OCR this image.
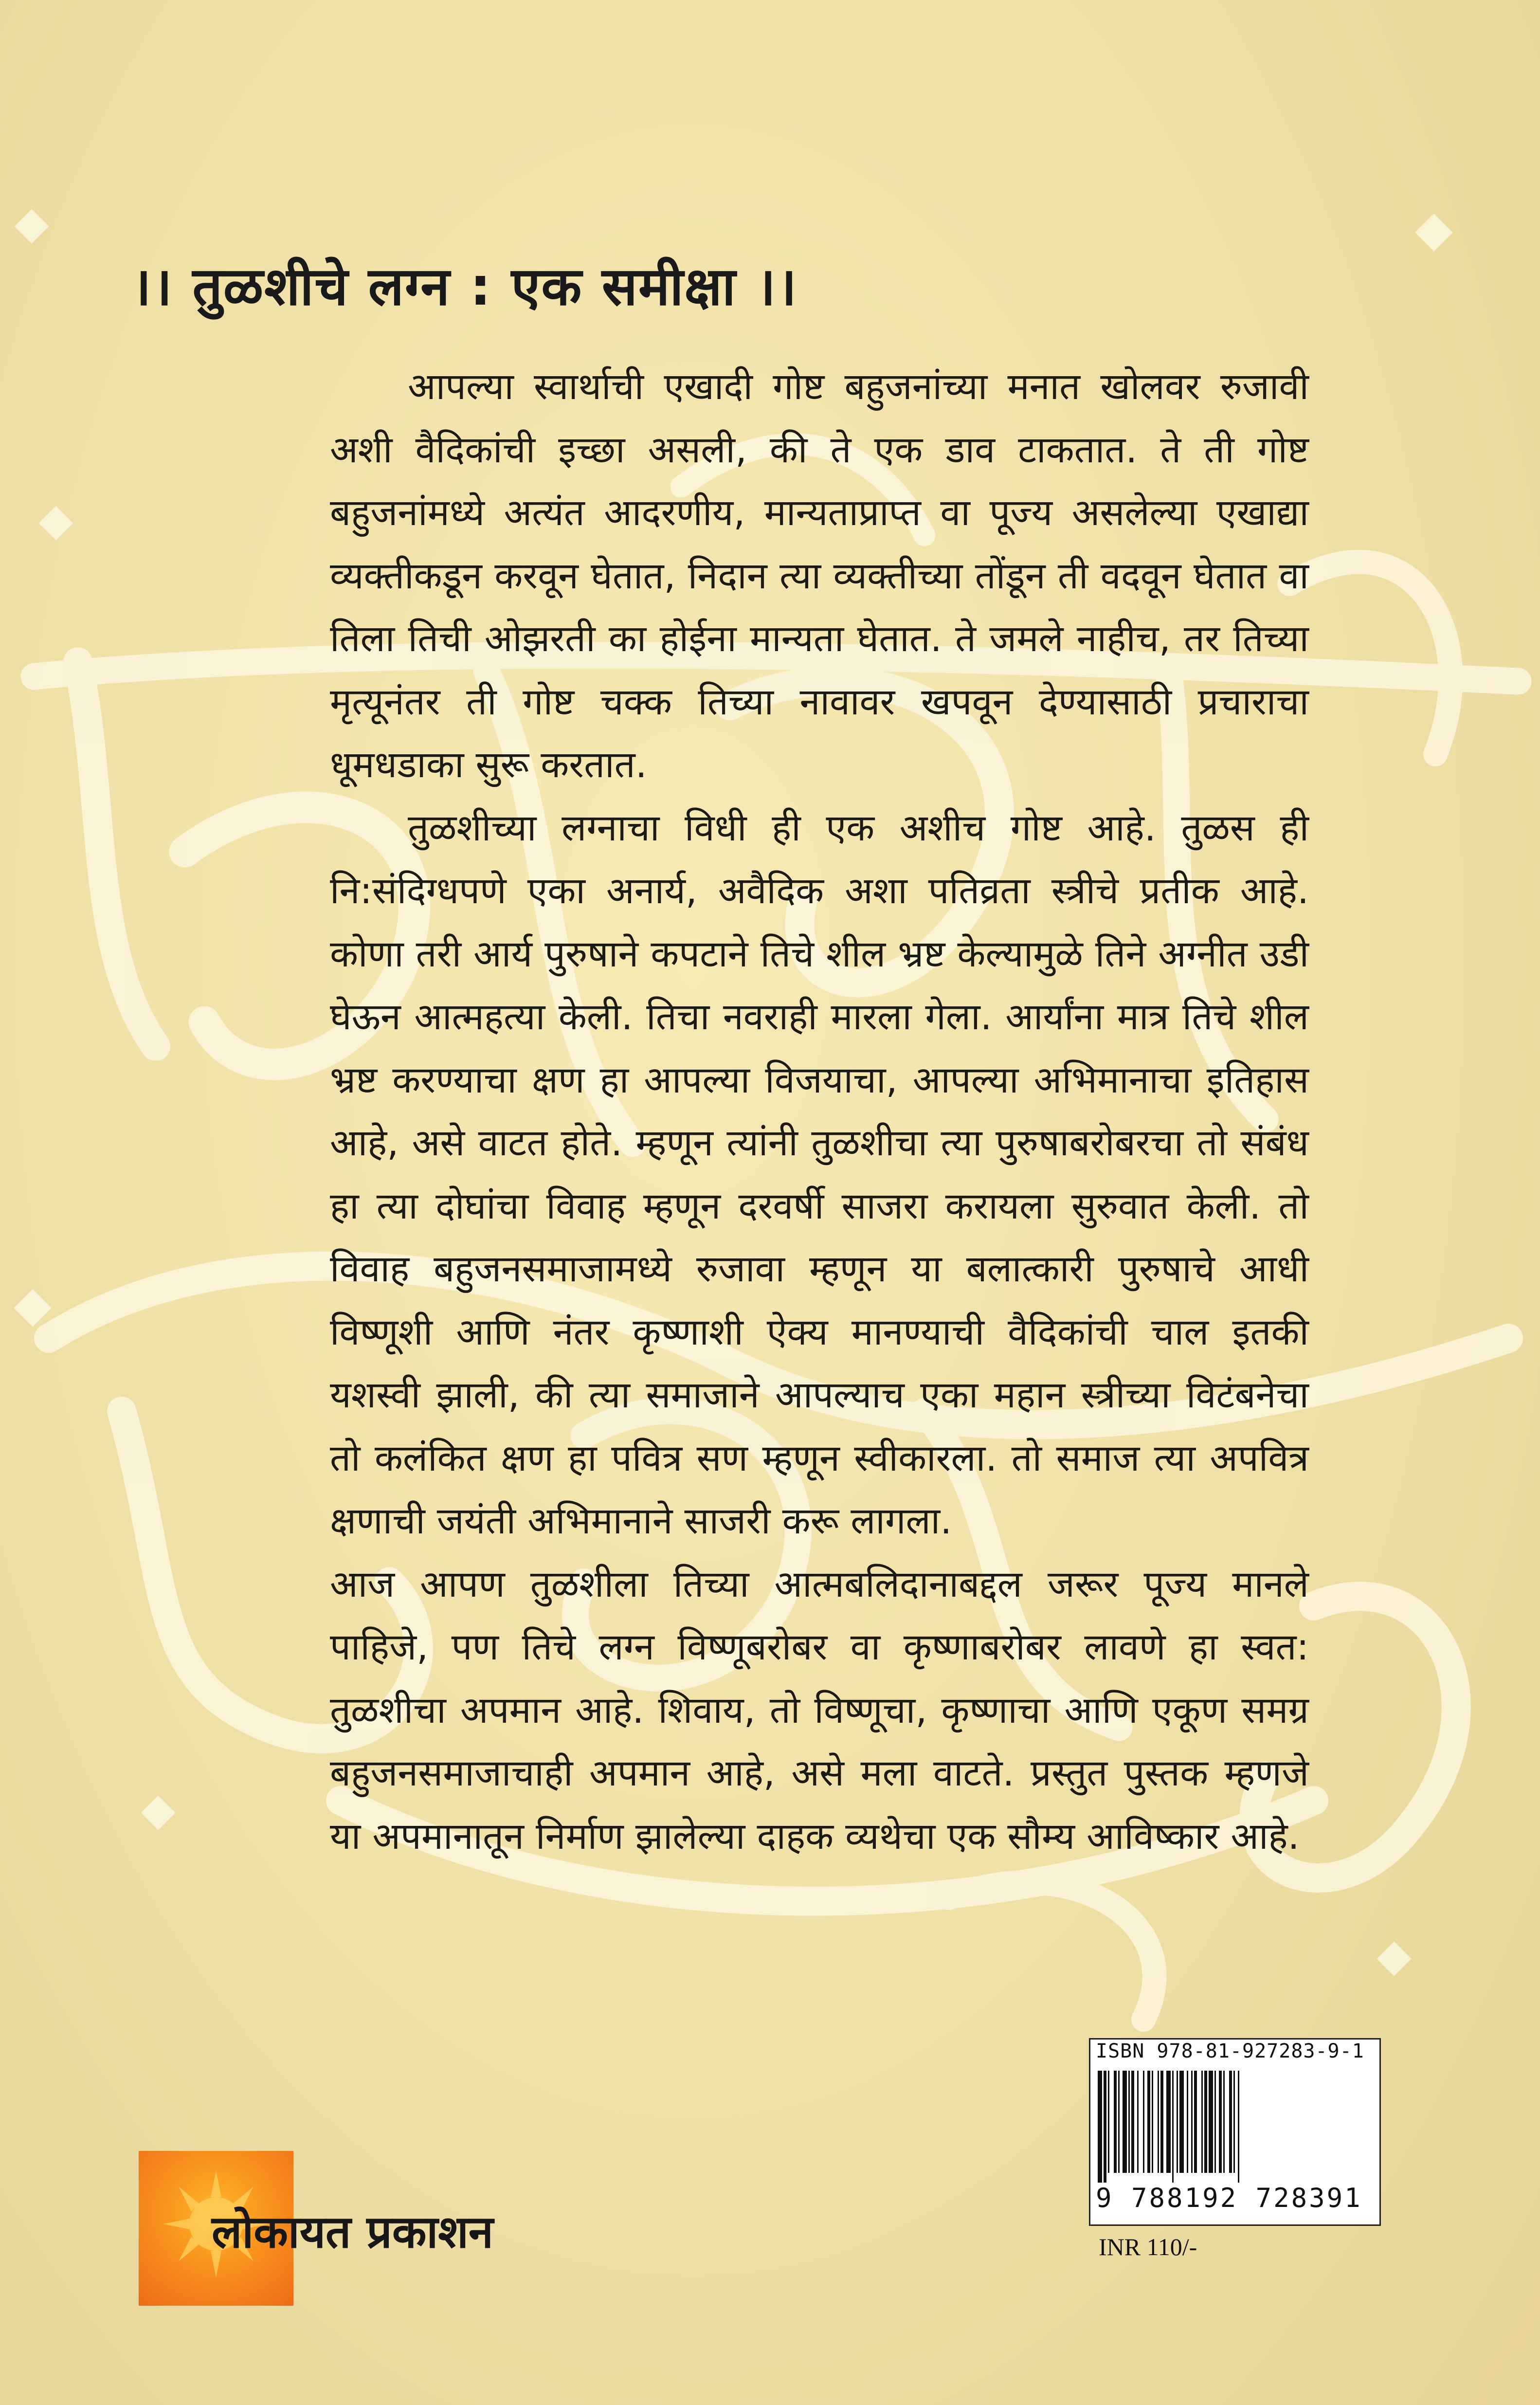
।। तुळशीचे लग्न : एक समीक्षा ।।

आपल्या स्वार्थाची एखादी गोष्ट बहुजनांच्या मनात खोलवर रुजावी अशी वैदिकांची इच्छा असली, की ते एक डाव टाकतात. ते ती गोष्ट बहुजनांमध्ये अत्यंत आदरणीय, मान्यताप्राप्त वा पूज्य असलेल्या एखाद्या व्यक्तीकडून करवून घेतात, निदान त्या व्यक्तीच्या तोंडून ती वदवून घेतात वा तिला तिची ओझरती का होईना मान्यता घेतात. ते जमले नाहीच, तर तिच्या मृत्यूनंतर ती गोष्ट चक्क तिच्या नावावर खपवून देण्यासाठी प्रचाराचा धूमधडाका सुरू करतात.

तुळशीच्या लग्नाचा विधी ही एक अशीच गोष्ट आहे. तुळस ही नि:संदिग्धपणे एका अनार्य, अवैदिक अशा पतिव्रता स्त्रीचे प्रतीक आहे. कोणा तरी आर्य पुरुषाने कपटाने तिचे शील भ्रष्ट केल्यामुळे तिने अग्नीत उडी घेऊन आत्महत्या केली. तिचा नवराही मारला गेला. आर्यांना मात्र तिचे शील भ्रष्ट करण्याचा क्षण हा आपल्या विजयाचा, आपल्या अभिमानाचा इतिहास आहे, असे वाटत होते. म्हणून त्यांनी तुळशीचा त्या पुरुषाबरोबरचा तो संबंध हा त्या दोघांचा विवाह म्हणून दरवर्षी साजरा करायला सुरुवात केली. तो विवाह बहुजनसमाजामध्ये रुजावा म्हणून या बलात्कारी पुरुषाचे आधी विष्णूशी आणि नंतर कृष्णाशी ऐक्य मानण्याची वैदिकांची चाल इतकी यशस्वी झाली, की त्या समाजाने आपल्याच एका महान स्त्रीच्या विटंबनेचा तो कलंकित क्षण हा पवित्र सण म्हणून स्वीकारला. तो समाज त्या अपवित्र क्षणाची जयंती अभिमानाने साजरी करू लागला.

आज आपण तुळशीला तिच्या आत्मबलिदानाबद्दल जरूर पूज्य मानले पाहिजे, पण तिचे लग्न विष्णूबरोबर वा कृष्णाबरोबर लावणे हा स्वत: तुळशीचा अपमान आहे. शिवाय, तो विष्णूचा, कृष्णाचा आणि एकूण समग्र बहुजनसमाजाचाही अपमान आहे, असे मला वाटते. प्रस्तुत पुस्तक म्हणजे या अपमानातून निर्माण झालेल्या दाहक व्यथेचा एक सौम्य आविष्कार आहे.

लोकायत प्रकाशन
ISBN 978-81-927283-9-1
9 788192 728391
INR 110/-
